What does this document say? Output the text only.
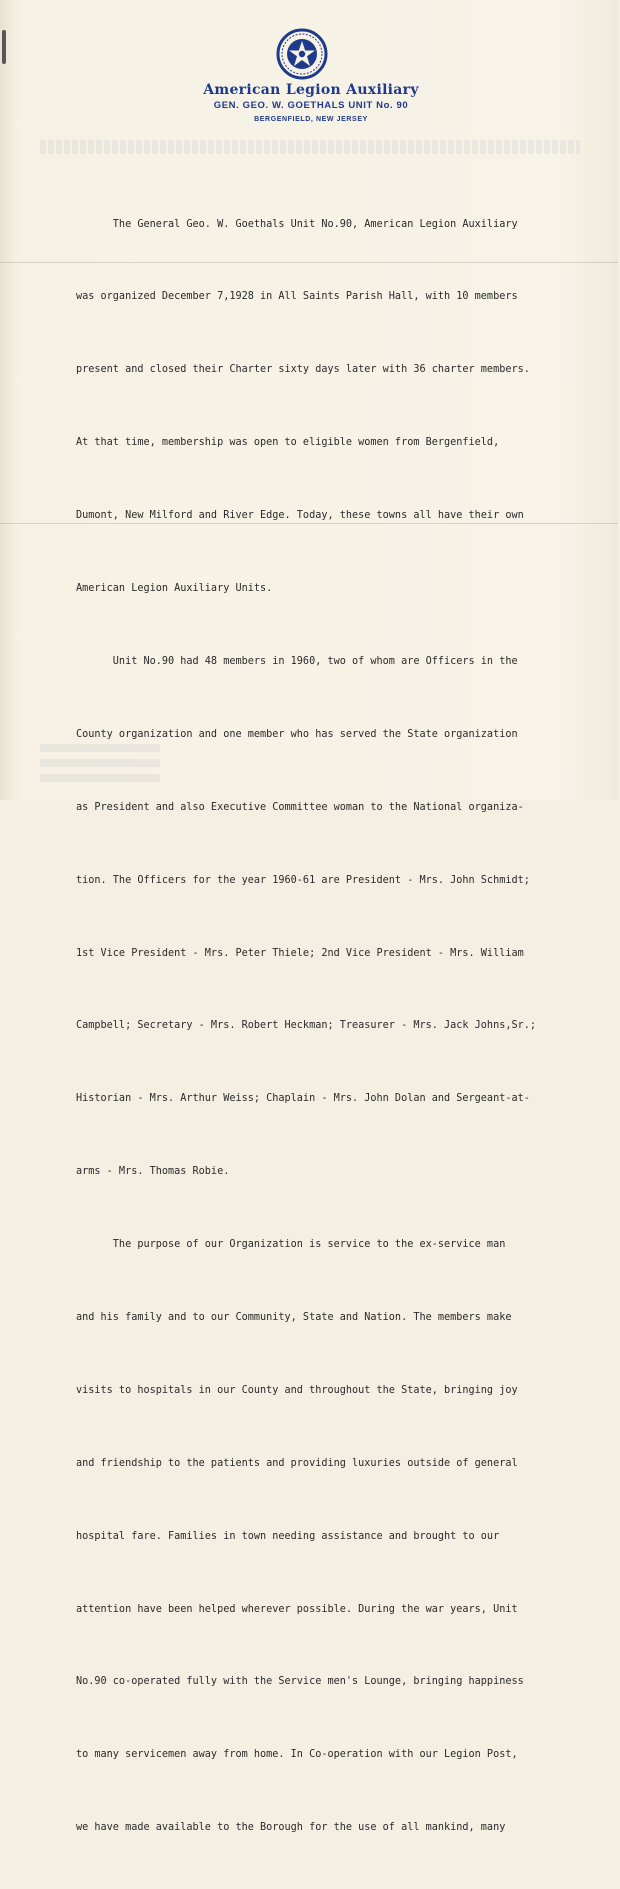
American Legion Auxiliary
GEN. GEO. W. GOETHALS UNIT No. 90
BERGENFIELD, NEW JERSEY

The General Geo. W. Goethals Unit No.90, American Legion Auxiliary

was organized December 7,1928 in All Saints Parish Hall, with 10 members

present and closed their Charter sixty days later with 36 charter members.

At that time, membership was open to eligible women from Bergenfield,

Dumont, New Milford and River Edge. Today, these towns all have their own

American Legion Auxiliary Units.

Unit No.90 had 48 members in 1960, two of whom are Officers in the

County organization and one member who has served the State organization

as President and also Executive Committee woman to the National organiza-

tion. The Officers for the year 1960-61 are President - Mrs. John Schmidt;

1st Vice President - Mrs. Peter Thiele; 2nd Vice President - Mrs. William

Campbell; Secretary - Mrs. Robert Heckman; Treasurer - Mrs. Jack Johns,Sr.;

Historian - Mrs. Arthur Weiss; Chaplain - Mrs. John Dolan and Sergeant-at-

arms - Mrs. Thomas Robie.

The purpose of our Organization is service to the ex-service man

and his family and to our Community, State and Nation. The members make

visits to hospitals in our County and throughout the State, bringing joy

and friendship to the patients and providing luxuries outside of general

hospital fare. Families in town needing assistance and brought to our

attention have been helped wherever possible. During the war years, Unit

No.90 co-operated fully with the Service men's Lounge, bringing happiness

to many servicemen away from home. In Co-operation with our Legion Post,

we have made available to the Borough for the use of all mankind, many
